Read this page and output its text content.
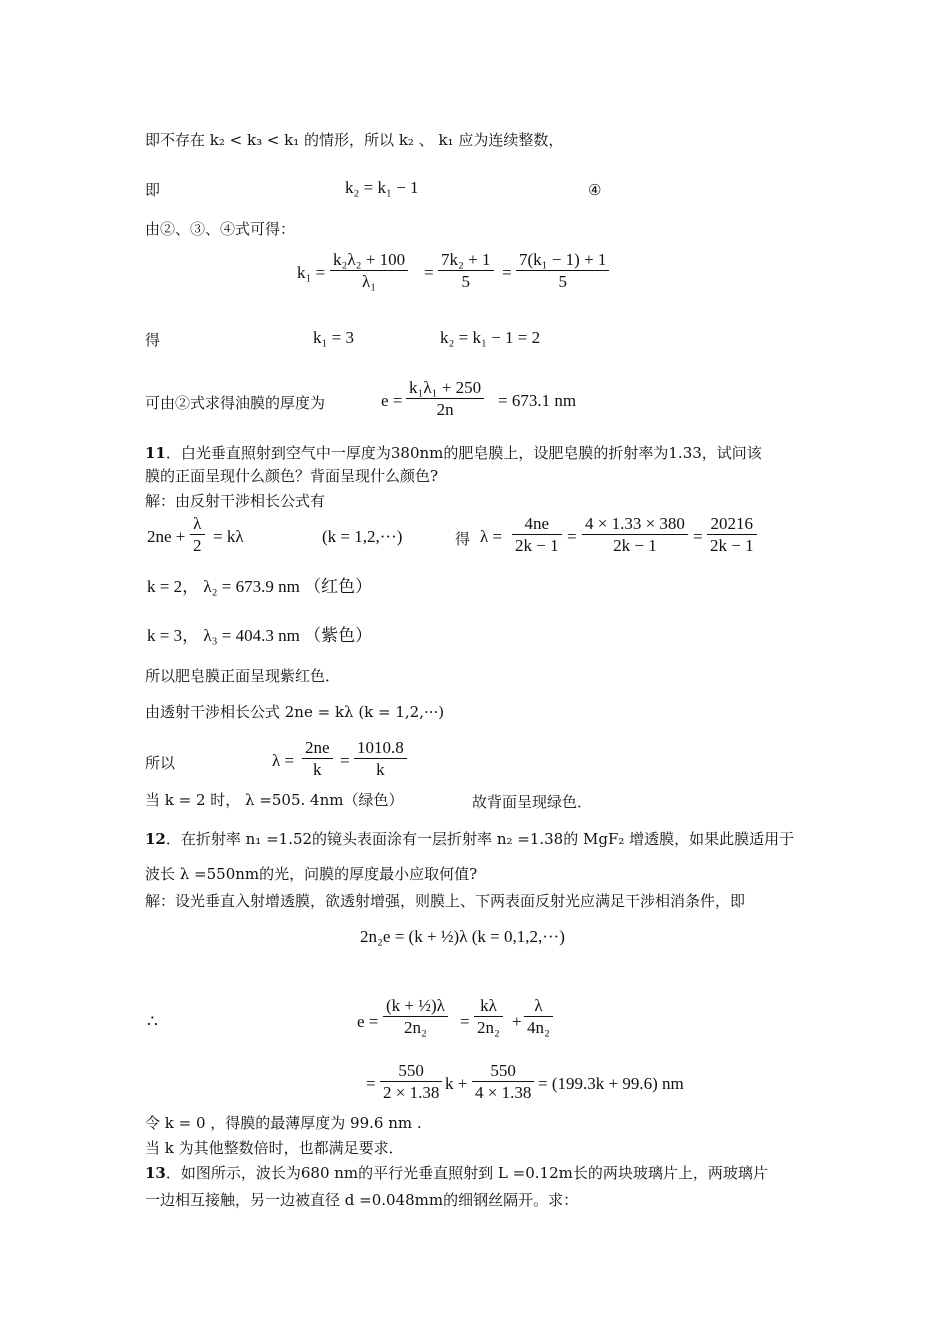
即不存在 k₂ < k₃ < k₁ 的情形，所以 k₂ 、 k₁ 应为连续整数，
即	k₂ = k₁ − 1	④
由②、③、④式可得：
k₁ =
k₂λ₂ + 100
λ₁	=
7k₂ + 1
5	=
7(k₁ − 1) + 1
5
得	k₁ = 3	k₂ = k₁ − 1 = 2
可由②式求得油膜的厚度为	e =
k₁λ₁ + 250
2n	= 673.1 nm
11．白光垂直照射到空气中一厚度为380nm的肥皂膜上，设肥皂膜的折射率为1.33，试问该
膜的正面呈现什么颜色？背面呈现什么颜色?
解：由反射干涉相长公式有
2ne +
λ
2 = kλ	(k = 1,2,···)	得 λ =
4ne
2k − 1 =
4 × 1.33 × 380
2k − 1	=
20216
2k − 1
k = 2， λ₂ = 673.9 nm （红色）
k = 3， λ₃ = 404.3 nm （紫色）
所以肥皂膜正面呈现紫红色．
由透射干涉相长公式 2ne = kλ (k = 1,2,···)
所以	λ =
2ne
k	=
1010.8
k
当 k = 2 时， λ =505. 4nm（绿色）	故背面呈现绿色．
12．在折射率 n₁ =1.52的镜头表面涂有一层折射率 n₂ =1.38的 MgF₂ 增透膜，如果此膜适用于
波长 λ =550nm的光，问膜的厚度最小应取何值?
解：设光垂直入射增透膜，欲透射增强，则膜上、下两表面反射光应满足干涉相消条件，即
2n₂e = (k + ½)λ (k = 0,1,2,···)
∴	e =
(k + ½)λ
2n₂	=
kλ
2n₂ +
λ
4n₂
=
550
2 × 1.38 k +
550
4 × 1.38 = (199.3k + 99.6) nm
令 k = 0 ，得膜的最薄厚度为 99.6 nm .
当 k 为其他整数倍时，也都满足要求．
13．如图所示，波长为680 nm的平行光垂直照射到 L =0.12m长的两块玻璃片上，两玻璃片
一边相互接触，另一边被直径 d =0.048mm的细钢丝隔开。求：
